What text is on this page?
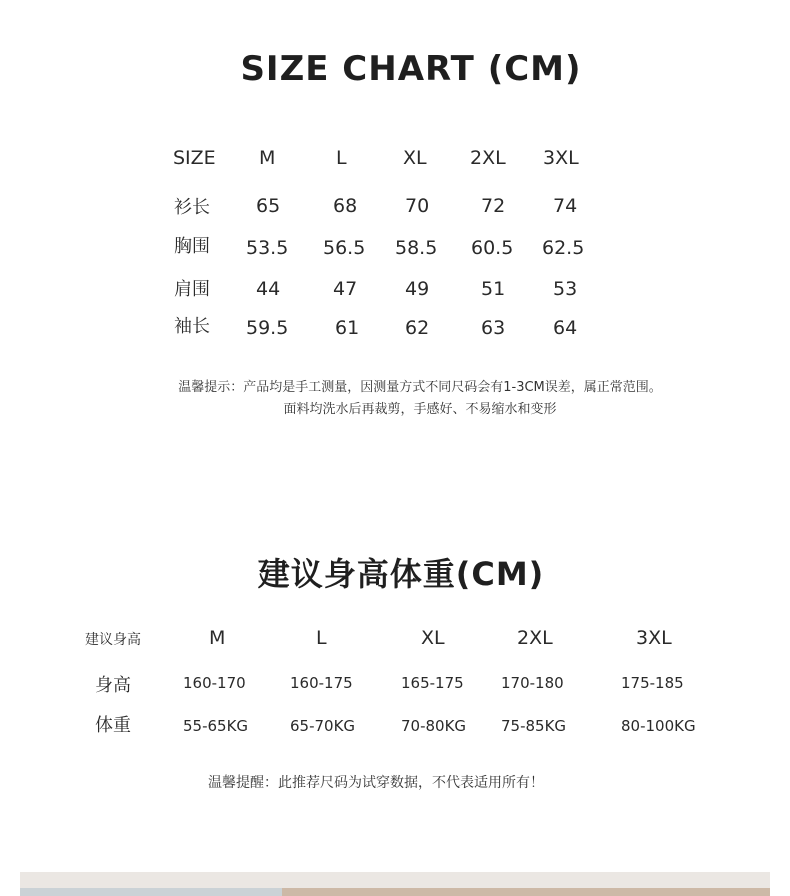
SIZE CHART (CM)
SIZE M	L	XL 2XL 3XL
衫长 65	68	70	72	74
胸围 53.5 56.5 58.5 60.5 62.5
肩围 44	47	49	51	53
袖长 59.5 61 62	63	64
温馨提示：产品均是手工测量，因测量方式不同尺码会有1-3CM误差，属正常范围。
面料均洗水后再裁剪，手感好、不易缩水和变形
建议身高体重(CM)
建议身高	M	L	XL	2XL	3XL
身高	160-170	160-175	165-175 170-180	175-185
体重	55-65KG	65-70KG	70-80KG 75-85KG	80-100KG
温馨提醒：此推荐尺码为试穿数据，不代表适用所有！
